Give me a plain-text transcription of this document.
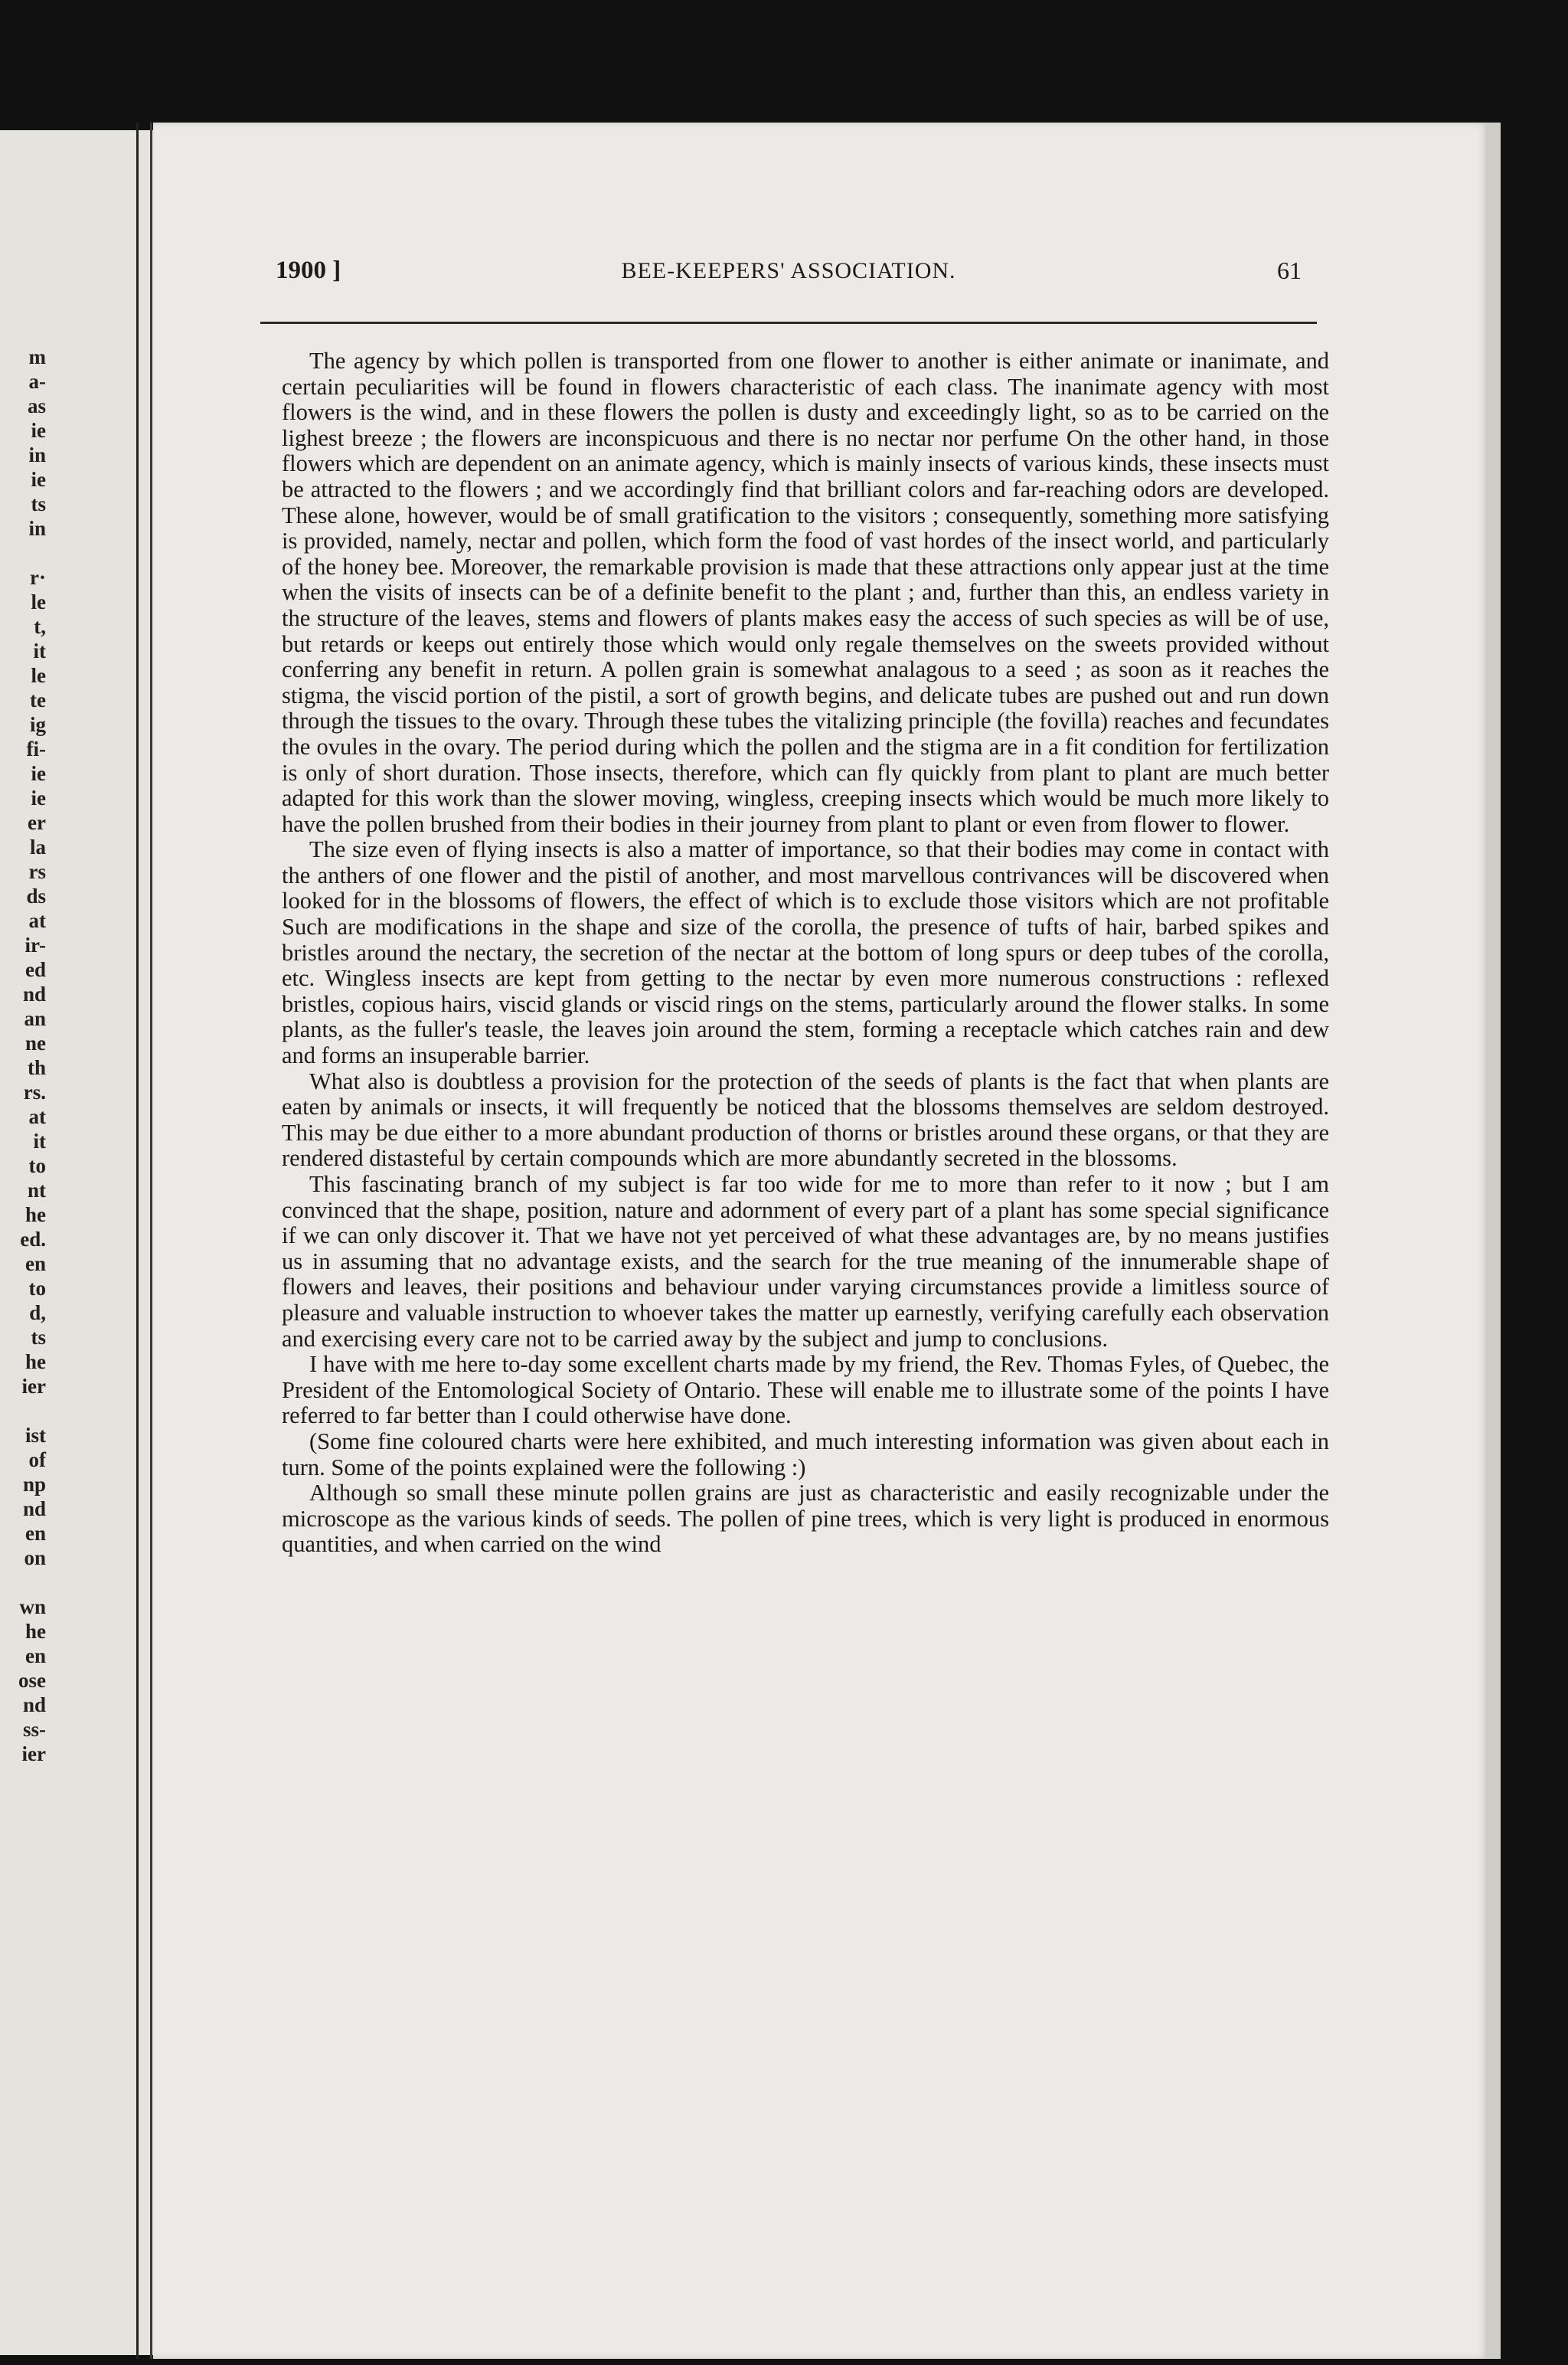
m
a-
as
ie
in
ie
ts
in
r·
le
t,
it
le
te
ig
fi-
ie
ie
er
la
rs
ds
at
ir-
ed
nd
an
ne
th
rs.
at
it
to
nt
he
ed.
en
to
d,
ts
he
ier
ist
of
np
nd
en
on
wn
he
en
ose
nd
ss-
ier
1900 ]	BEE-KEEPERS' ASSOCIATION.	61

The agency by which pollen is transported from one flower to another is either animate or inanimate, and certain peculiarities will be found in flowers characteristic of each class. The inanimate agency with most flowers is the wind, and in these flowers the pollen is dusty and exceedingly light, so as to be carried on the lighest breeze ; the flowers are inconspicuous and there is no nectar nor perfume On the other hand, in those flowers which are dependent on an animate agency, which is mainly insects of various kinds, these insects must be attracted to the flowers ; and we accordingly find that brilliant colors and far-reaching odors are developed. These alone, however, would be of small gratification to the visitors ; consequently, something more satisfying is provided, namely, nectar and pollen, which form the food of vast hordes of the insect world, and particularly of the honey bee. Moreover, the remarkable provision is made that these attractions only appear just at the time when the visits of insects can be of a definite benefit to the plant ; and, further than this, an endless variety in the structure of the leaves, stems and flowers of plants makes easy the access of such species as will be of use, but retards or keeps out entirely those which would only regale themselves on the sweets provided without conferring any benefit in return. A pollen grain is somewhat analagous to a seed ; as soon as it reaches the stigma, the viscid portion of the pistil, a sort of growth begins, and delicate tubes are pushed out and run down through the tissues to the ovary. Through these tubes the vitalizing principle (the fovilla) reaches and fecundates the ovules in the ovary. The period during which the pollen and the stigma are in a fit condition for fertilization is only of short duration. Those insects, therefore, which can fly quickly from plant to plant are much better adapted for this work than the slower moving, wingless, creeping insects which would be much more likely to have the pollen brushed from their bodies in their journey from plant to plant or even from flower to flower.

The size even of flying insects is also a matter of importance, so that their bodies may come in contact with the anthers of one flower and the pistil of another, and most marvellous contrivances will be discovered when looked for in the blossoms of flowers, the effect of which is to exclude those visitors which are not profitable Such are modifications in the shape and size of the corolla, the presence of tufts of hair, barbed spikes and bristles around the nectary, the secretion of the nectar at the bottom of long spurs or deep tubes of the corolla, etc. Wingless insects are kept from getting to the nectar by even more numerous constructions : reflexed bristles, copious hairs, viscid glands or viscid rings on the stems, particularly around the flower stalks. In some plants, as the fuller's teasle, the leaves join around the stem, forming a receptacle which catches rain and dew and forms an insuperable barrier.

What also is doubtless a provision for the protection of the seeds of plants is the fact that when plants are eaten by animals or insects, it will frequently be noticed that the blossoms themselves are seldom destroyed. This may be due either to a more abundant production of thorns or bristles around these organs, or that they are rendered distasteful by certain compounds which are more abundantly secreted in the blossoms.

This fascinating branch of my subject is far too wide for me to more than refer to it now ; but I am convinced that the shape, position, nature and adornment of every part of a plant has some special significance if we can only discover it. That we have not yet perceived of what these advantages are, by no means justifies us in assuming that no advantage exists, and the search for the true meaning of the innumerable shape of flowers and leaves, their positions and behaviour under varying circumstances provide a limitless source of pleasure and valuable instruction to whoever takes the matter up earnestly, verifying carefully each observation and exercising every care not to be carried away by the subject and jump to conclusions.

I have with me here to-day some excellent charts made by my friend, the Rev. Thomas Fyles, of Quebec, the President of the Entomological Society of Ontario. These will enable me to illustrate some of the points I have referred to far better than I could otherwise have done.

(Some fine coloured charts were here exhibited, and much interesting information was given about each in turn. Some of the points explained were the following :)

Although so small these minute pollen grains are just as characteristic and easily recognizable under the microscope as the various kinds of seeds. The pollen of pine trees, which is very light is produced in enormous quantities, and when carried on the wind
